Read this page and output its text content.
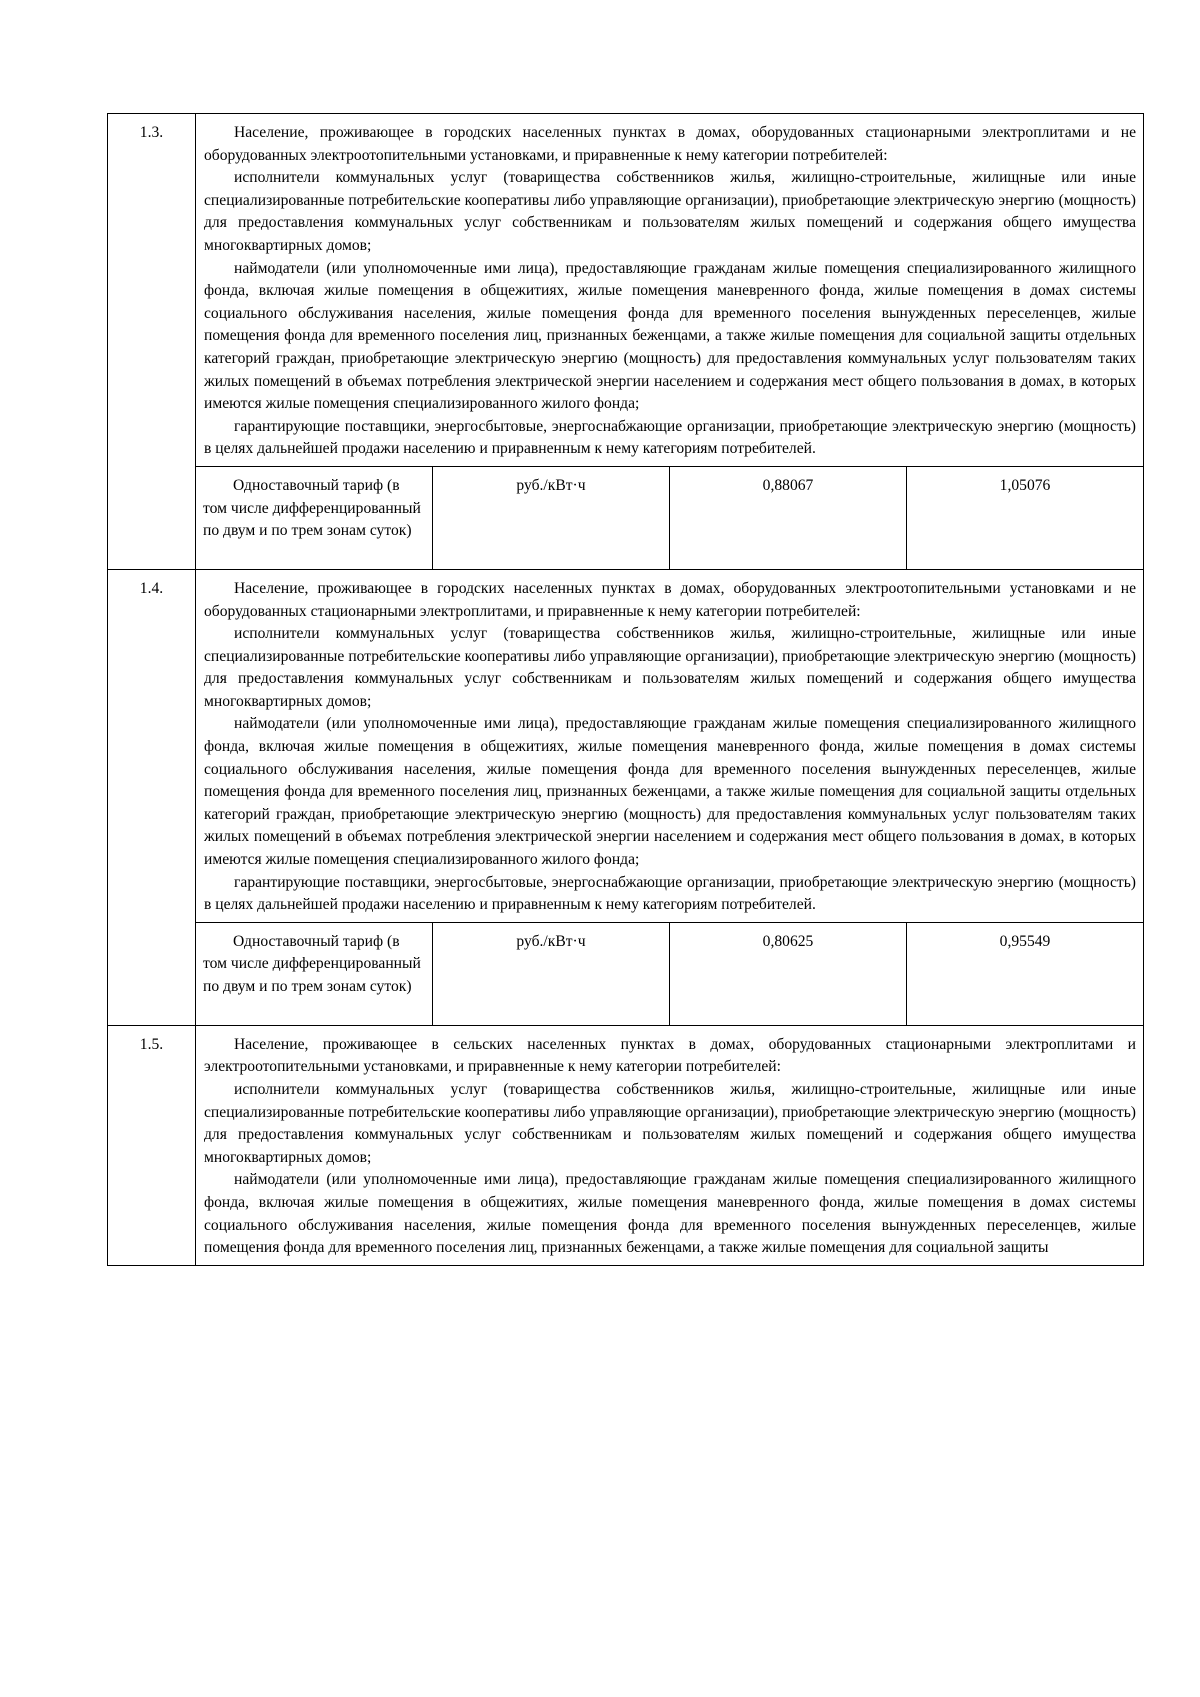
1.3.	Население, проживающее в городских населенных пунктах в домах, оборудованных стационарными электроплитами и не оборудованных электроотопительными установками, и приравненные к нему категории потребителей:

исполнители коммунальных услуг (товарищества собственников жилья, жилищно-строительные, жилищные или иные специализированные потребительские кооперативы либо управляющие организации), приобретающие электрическую энергию (мощность) для предоставления коммунальных услуг собственникам и пользователям жилых помещений и содержания общего имущества многоквартирных домов;

наймодатели (или уполномоченные ими лица), предоставляющие гражданам жилые помещения специализированного жилищного фонда, включая жилые помещения в общежитиях, жилые помещения маневренного фонда, жилые помещения в домах системы социального обслуживания населения, жилые помещения фонда для временного поселения вынужденных переселенцев, жилые помещения фонда для временного поселения лиц, признанных беженцами, а также жилые помещения для социальной защиты отдельных категорий граждан, приобретающие электрическую энергию (мощность) для предоставления коммунальных услуг пользователям таких жилых помещений в объемах потребления электрической энергии населением и содержания мест общего пользования в домах, в которых имеются жилые помещения специализированного жилого фонда;

гарантирующие поставщики, энергосбытовые, энергоснабжающие организации, приобретающие электрическую энергию (мощность) в целях дальнейшей продажи населению и приравненным к нему категориям потребителей.			

	Одноставочный тариф (в том числе дифференцированный по двум и по трем зонам суток)	руб./кВт·ч	0,88067	1,05076
1.4.	Население, проживающее в городских населенных пунктах в домах, оборудованных электроотопительными установками и не оборудованных стационарными электроплитами, и приравненные к нему категории потребителей:

исполнители коммунальных услуг (товарищества собственников жилья, жилищно-строительные, жилищные или иные специализированные потребительские кооперативы либо управляющие организации), приобретающие электрическую энергию (мощность) для предоставления коммунальных услуг собственникам и пользователям жилых помещений и содержания общего имущества многоквартирных домов;

наймодатели (или уполномоченные ими лица), предоставляющие гражданам жилые помещения специализированного жилищного фонда, включая жилые помещения в общежитиях, жилые помещения маневренного фонда, жилые помещения в домах системы социального обслуживания населения, жилые помещения фонда для временного поселения вынужденных переселенцев, жилые помещения фонда для временного поселения лиц, признанных беженцами, а также жилые помещения для социальной защиты отдельных категорий граждан, приобретающие электрическую энергию (мощность) для предоставления коммунальных услуг пользователям таких жилых помещений в объемах потребления электрической энергии населением и содержания мест общего пользования в домах, в которых имеются жилые помещения специализированного жилого фонда;

гарантирующие поставщики, энергосбытовые, энергоснабжающие организации, приобретающие электрическую энергию (мощность) в целях дальнейшей продажи населению и приравненным к нему категориям потребителей.			

	Одноставочный тариф (в том числе дифференцированный по двум и по трем зонам суток)	руб./кВт·ч	0,80625	0,95549
1.5.	Население, проживающее в сельских населенных пунктах в домах, оборудованных стационарными электроплитами и электроотопительными установками, и приравненные к нему категории потребителей:

исполнители коммунальных услуг (товарищества собственников жилья, жилищно-строительные, жилищные или иные специализированные потребительские кооперативы либо управляющие организации), приобретающие электрическую энергию (мощность) для предоставления коммунальных услуг собственникам и пользователям жилых помещений и содержания общего имущества многоквартирных домов;

наймодатели (или уполномоченные ими лица), предоставляющие гражданам жилые помещения специализированного жилищного фонда, включая жилые помещения в общежитиях, жилые помещения маневренного фонда, жилые помещения в домах системы социального обслуживания населения, жилые помещения фонда для временного поселения вынужденных переселенцев, жилые помещения фонда для временного поселения лиц, признанных беженцами, а также жилые помещения для социальной защиты			
